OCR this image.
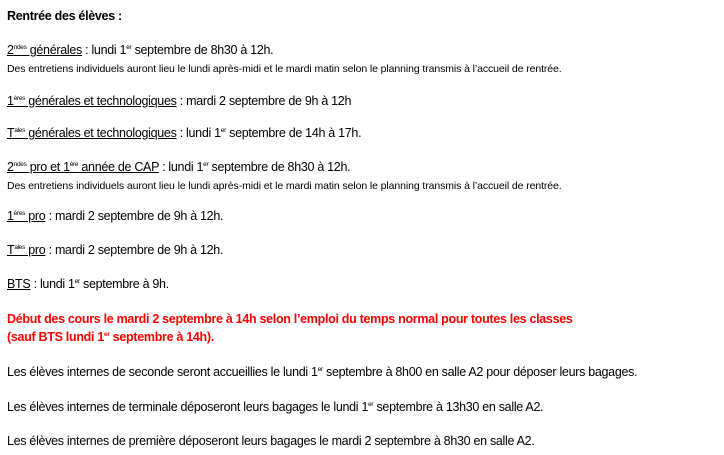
Rentrée des élèves :
$2^{ndes}$ générales : lundi 1er septembre de 8h30 à 12h.
Des entretiens individuels auront lieu le lundi après-midi et le mardi matin selon le planning transmis à l’accueil de rentrée.
1ères générales et technologiques : mardi 2 septembre de 9h à 12h
$T^{ales}$ générales et technologiques : lundi 1er septembre de 14h à 17h.
$2^{ndes}$ pro et 1ère année de CAP : lundi 1er septembre de 8h30 à 12h.
Des entretiens individuels auront lieu le lundi après-midi et le mardi matin selon le planning transmis à l’accueil de rentrée.
1ères pro : mardi 2 septembre de 9h à 12h.
$T^{ales}$ pro : mardi 2 septembre de 9h à 12h.
BTS : lundi 1er septembre à 9h.
Début des cours le mardi 2 septembre à 14h selon l’emploi du temps normal pour toutes les classes
(sauf BTS lundi 1er septembre à 14h).
Les élèves internes de seconde seront accueillies le lundi 1er septembre à 8h00 en salle A2 pour déposer leurs bagages.
Les élèves internes de terminale déposeront leurs bagages le lundi 1er septembre à 13h30 en salle A2.
Les élèves internes de première déposeront leurs bagages le mardi 2 septembre à 8h30 en salle A2.
